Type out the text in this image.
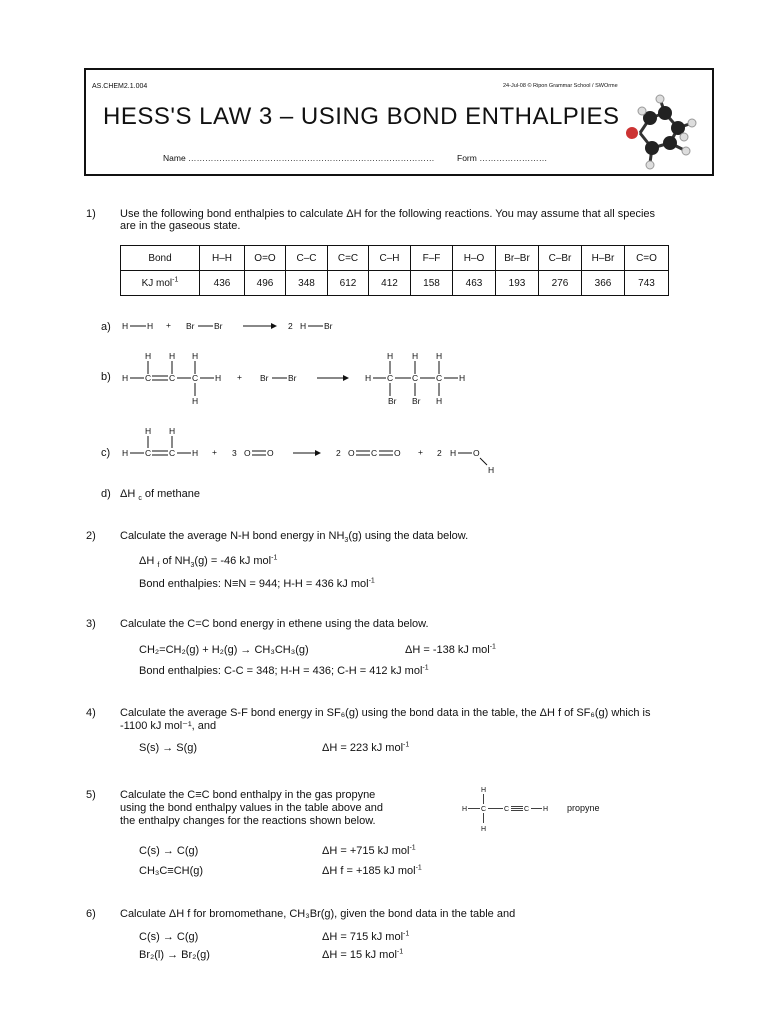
AS.CHEM2.1.004	24-Jul-08 © Ripon Grammar School / SWOrme
HESS'S LAW 3 – USING BOND ENTHALPIES
Name ……………………………………………………………………………	Form ……………………
1) Use the following bond enthalpies to calculate ΔH for the following reactions. You may assume that all species
are in the gaseous state.
Bond	H–H	O=O	C–C	C=C	C–H	F–F	H–O	Br–Br	C–Br	H–Br	C=O
KJ mol$^{-1}$	436	496	348	612	412	158	463	193	276	366	743
a)
b)
c)
d) ΔH $_c$ of methane
H H + Br Br	2 H Br
H H H
H C C C H
H
+ Br Br
H H H
H C C C H
Br Br H
H H
H C C H + 3 O O	2 O C O + 2 H O
H
2) Calculate the average N-H bond energy in $NH_3(g)$ using the data below.
ΔH $_f$ of $NH_3(g) = -46$ kJ mol$^{-1}$
Bond enthalpies: N≡N = 944; H-H = 436 kJ mol$^{-1}$
3) Calculate the C=C bond energy in ethene using the data below.
CH₂=CH₂(g) + H₂(g) → CH₃CH₃(g)	ΔH = -138 kJ mol$^{-1}$
Bond enthalpies: C-C = 348; H-H = 436; C-H = 412 kJ mol$^{-1}$
4) Calculate the average S-F bond energy in SF₆(g) using the bond data in the table, the ΔH f of SF₆(g) which is
-1100 kJ mol⁻¹, and
S(s) → S(g)	ΔH = 223 kJ mol$^{-1}$
5) Calculate the C≡C bond enthalpy in the gas propyne
using the bond enthalpy values in the table above and
the enthalpy changes for the reactions shown below.
H
H C	C C H
H
propyne
C(s) → C(g)	ΔH = +715 kJ mol$^{-1}$
CH₃C≡CH(g)	ΔH f = +185 kJ mol$^{-1}$
6) Calculate ΔH f for bromomethane, CH₃Br(g), given the bond data in the table and
C(s) → C(g)	ΔH = 715 kJ mol$^{-1}$
Br₂(l) → Br₂(g)	ΔH = 15 kJ mol$^{-1}$
